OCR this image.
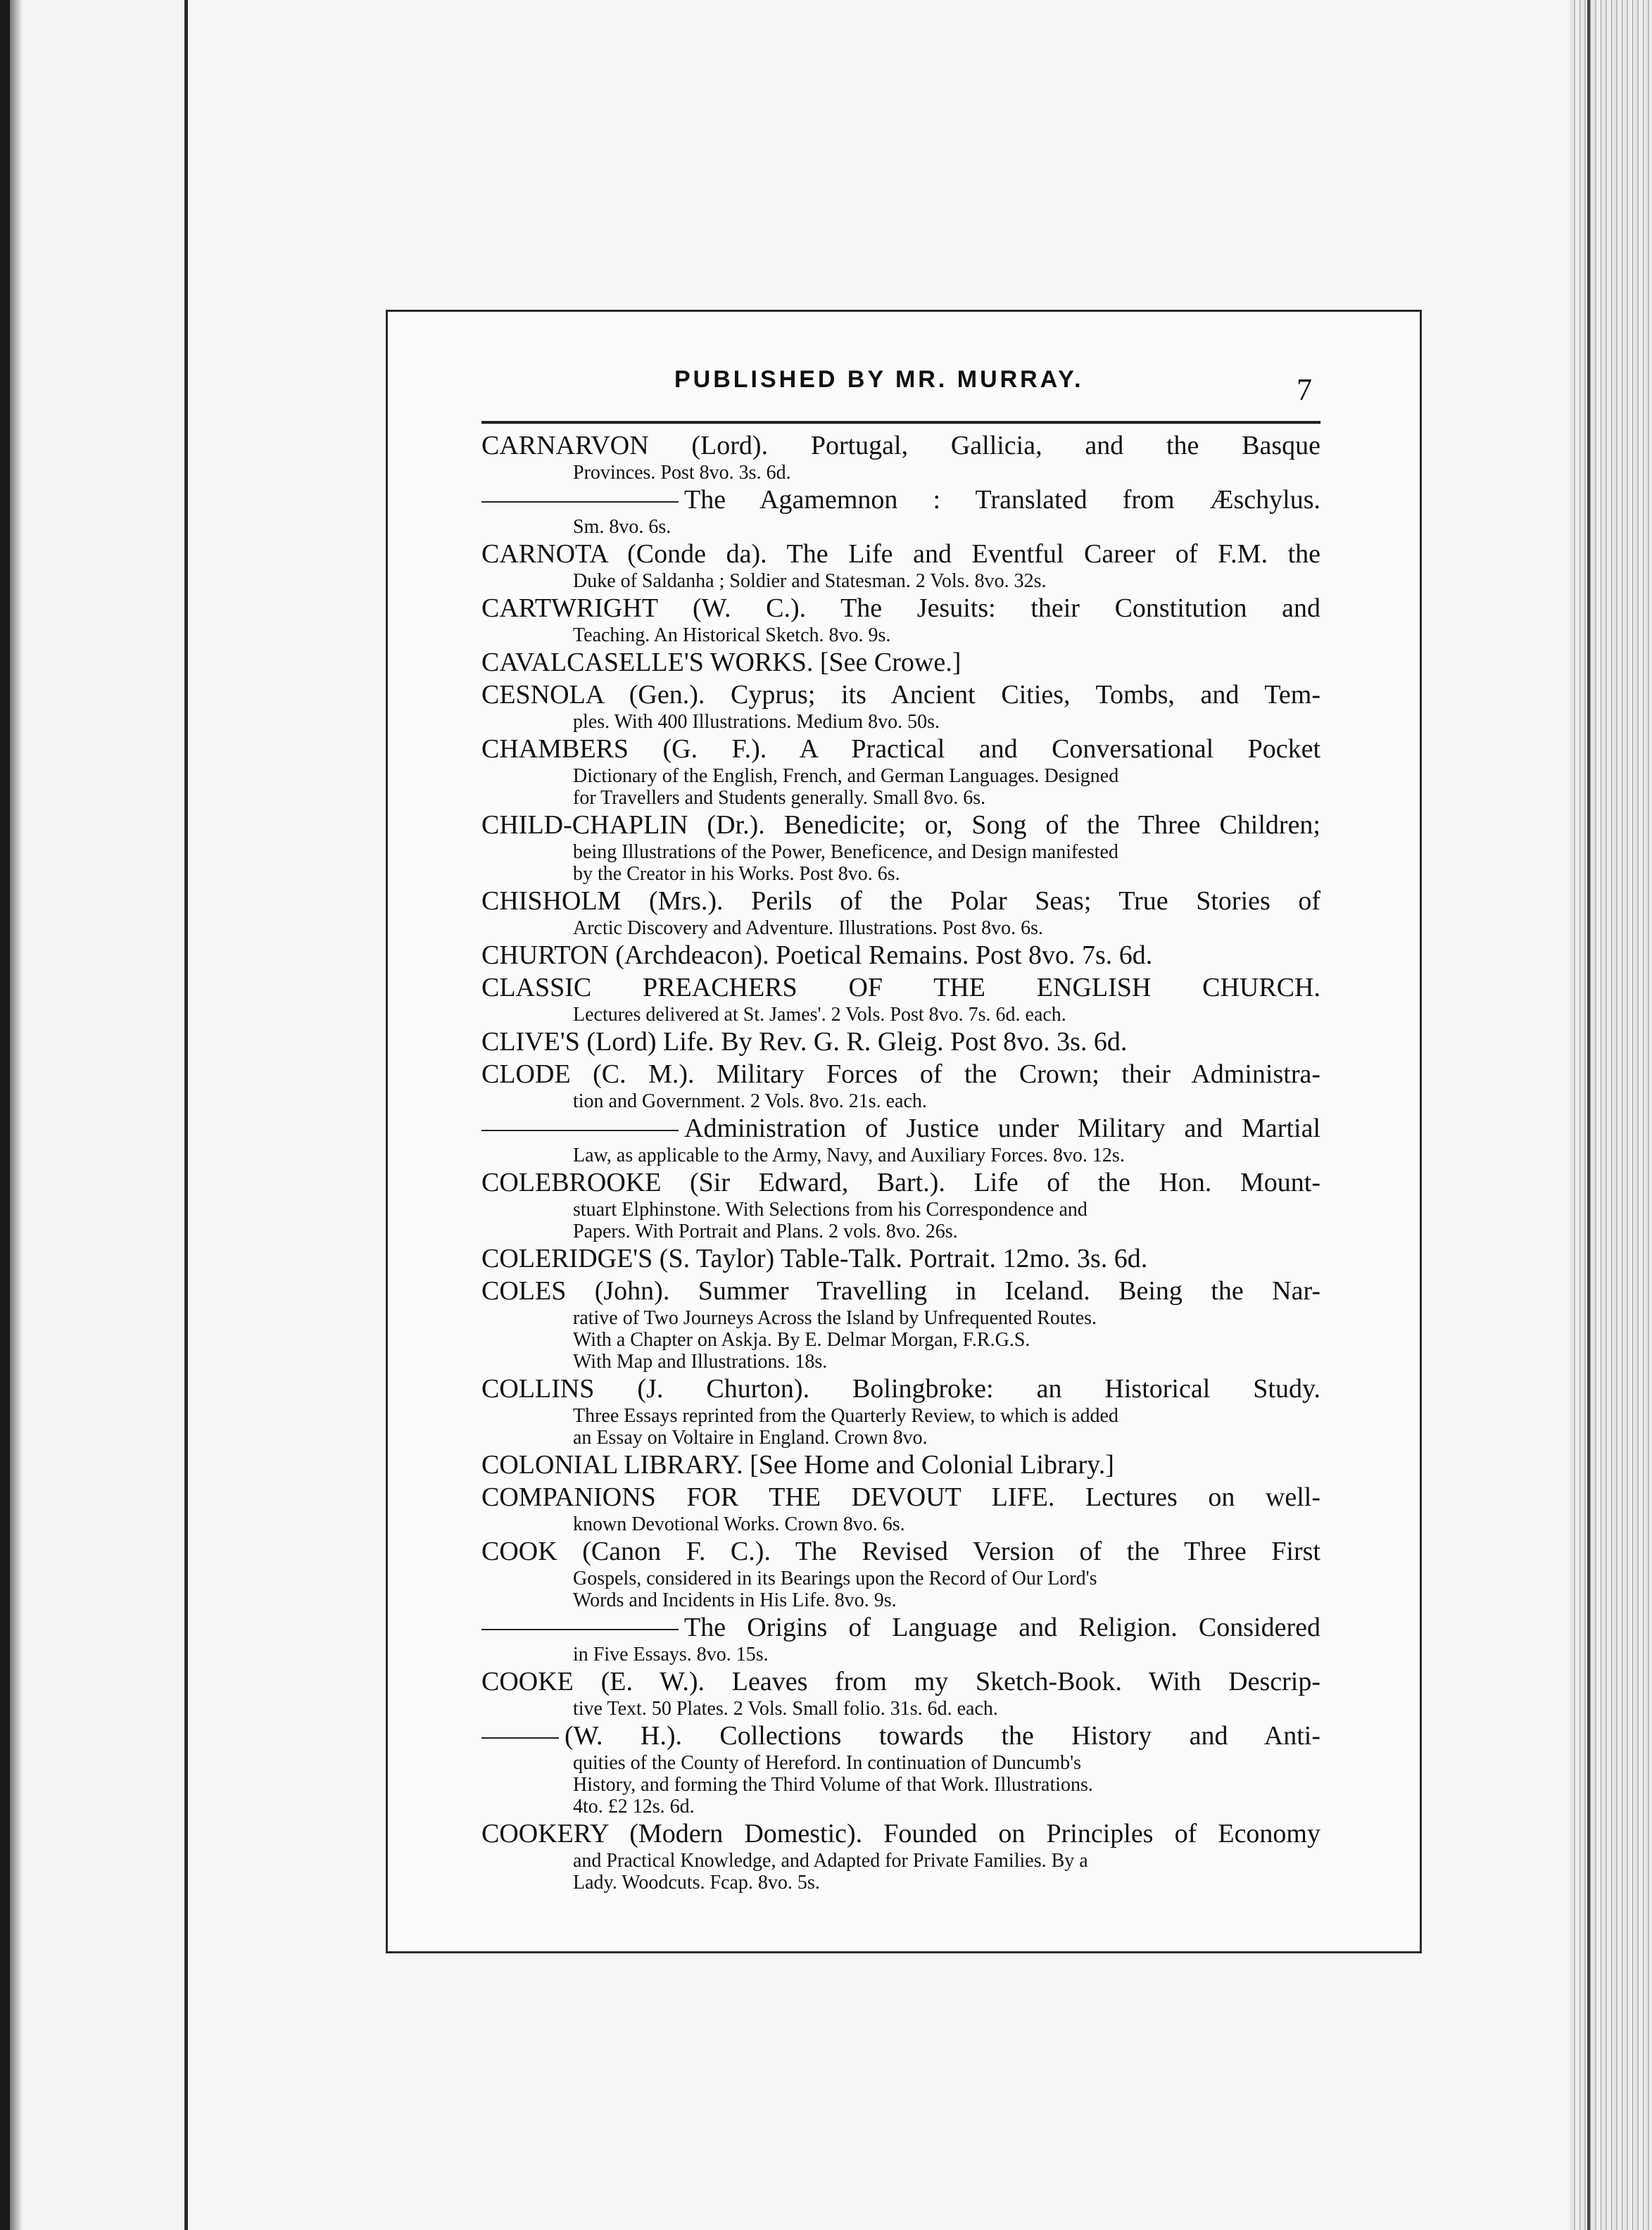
PUBLISHED BY MR. MURRAY.	7
CARNARVON (Lord). Portugal, Gallicia, and the Basque
Provinces. Post 8vo. 3s. 6d.
The Agamemnon : Translated from Æschylus.
Sm. 8vo. 6s.
CARNOTA (Conde da). The Life and Eventful Career of F.M. the
Duke of Saldanha ; Soldier and Statesman. 2 Vols. 8vo. 32s.
CARTWRIGHT (W. C.). The Jesuits: their Constitution and
Teaching. An Historical Sketch. 8vo. 9s.
CAVALCASELLE'S WORKS. [See Crowe.]
CESNOLA (Gen.). Cyprus; its Ancient Cities, Tombs, and Tem-
ples. With 400 Illustrations. Medium 8vo. 50s.
CHAMBERS (G. F.). A Practical and Conversational Pocket
Dictionary of the English, French, and German Languages. Designed
for Travellers and Students generally. Small 8vo. 6s.
CHILD-CHAPLIN (Dr.). Benedicite; or, Song of the Three Children;
being Illustrations of the Power, Beneficence, and Design manifested
by the Creator in his Works. Post 8vo. 6s.
CHISHOLM (Mrs.). Perils of the Polar Seas; True Stories of
Arctic Discovery and Adventure. Illustrations. Post 8vo. 6s.
CHURTON (Archdeacon). Poetical Remains. Post 8vo. 7s. 6d.
CLASSIC PREACHERS OF THE ENGLISH CHURCH.
Lectures delivered at St. James'. 2 Vols. Post 8vo. 7s. 6d. each.
CLIVE'S (Lord) Life. By Rev. G. R. Gleig. Post 8vo. 3s. 6d.
CLODE (C. M.). Military Forces of the Crown; their Administra-
tion and Government. 2 Vols. 8vo. 21s. each.
Administration of Justice under Military and Martial
Law, as applicable to the Army, Navy, and Auxiliary Forces. 8vo. 12s.
COLEBROOKE (Sir Edward, Bart.). Life of the Hon. Mount-
stuart Elphinstone. With Selections from his Correspondence and
Papers. With Portrait and Plans. 2 vols. 8vo. 26s.
COLERIDGE'S (S. Taylor) Table-Talk. Portrait. 12mo. 3s. 6d.
COLES (John). Summer Travelling in Iceland. Being the Nar-
rative of Two Journeys Across the Island by Unfrequented Routes.
With a Chapter on Askja. By E. Delmar Morgan, F.R.G.S.
With Map and Illustrations. 18s.
COLLINS (J. Churton). Bolingbroke: an Historical Study.
Three Essays reprinted from the Quarterly Review, to which is added
an Essay on Voltaire in England. Crown 8vo.
COLONIAL LIBRARY. [See Home and Colonial Library.]
COMPANIONS FOR THE DEVOUT LIFE. Lectures on well-
known Devotional Works. Crown 8vo. 6s.
COOK (Canon F. C.). The Revised Version of the Three First
Gospels, considered in its Bearings upon the Record of Our Lord's
Words and Incidents in His Life. 8vo. 9s.
The Origins of Language and Religion. Considered
in Five Essays. 8vo. 15s.
COOKE (E. W.). Leaves from my Sketch-Book. With Descrip-
tive Text. 50 Plates. 2 Vols. Small folio. 31s. 6d. each.
(W. H.). Collections towards the History and Anti-
quities of the County of Hereford. In continuation of Duncumb's
History, and forming the Third Volume of that Work. Illustrations.
4to. £2 12s. 6d.
COOKERY (Modern Domestic). Founded on Principles of Economy
and Practical Knowledge, and Adapted for Private Families. By a
Lady. Woodcuts. Fcap. 8vo. 5s.
